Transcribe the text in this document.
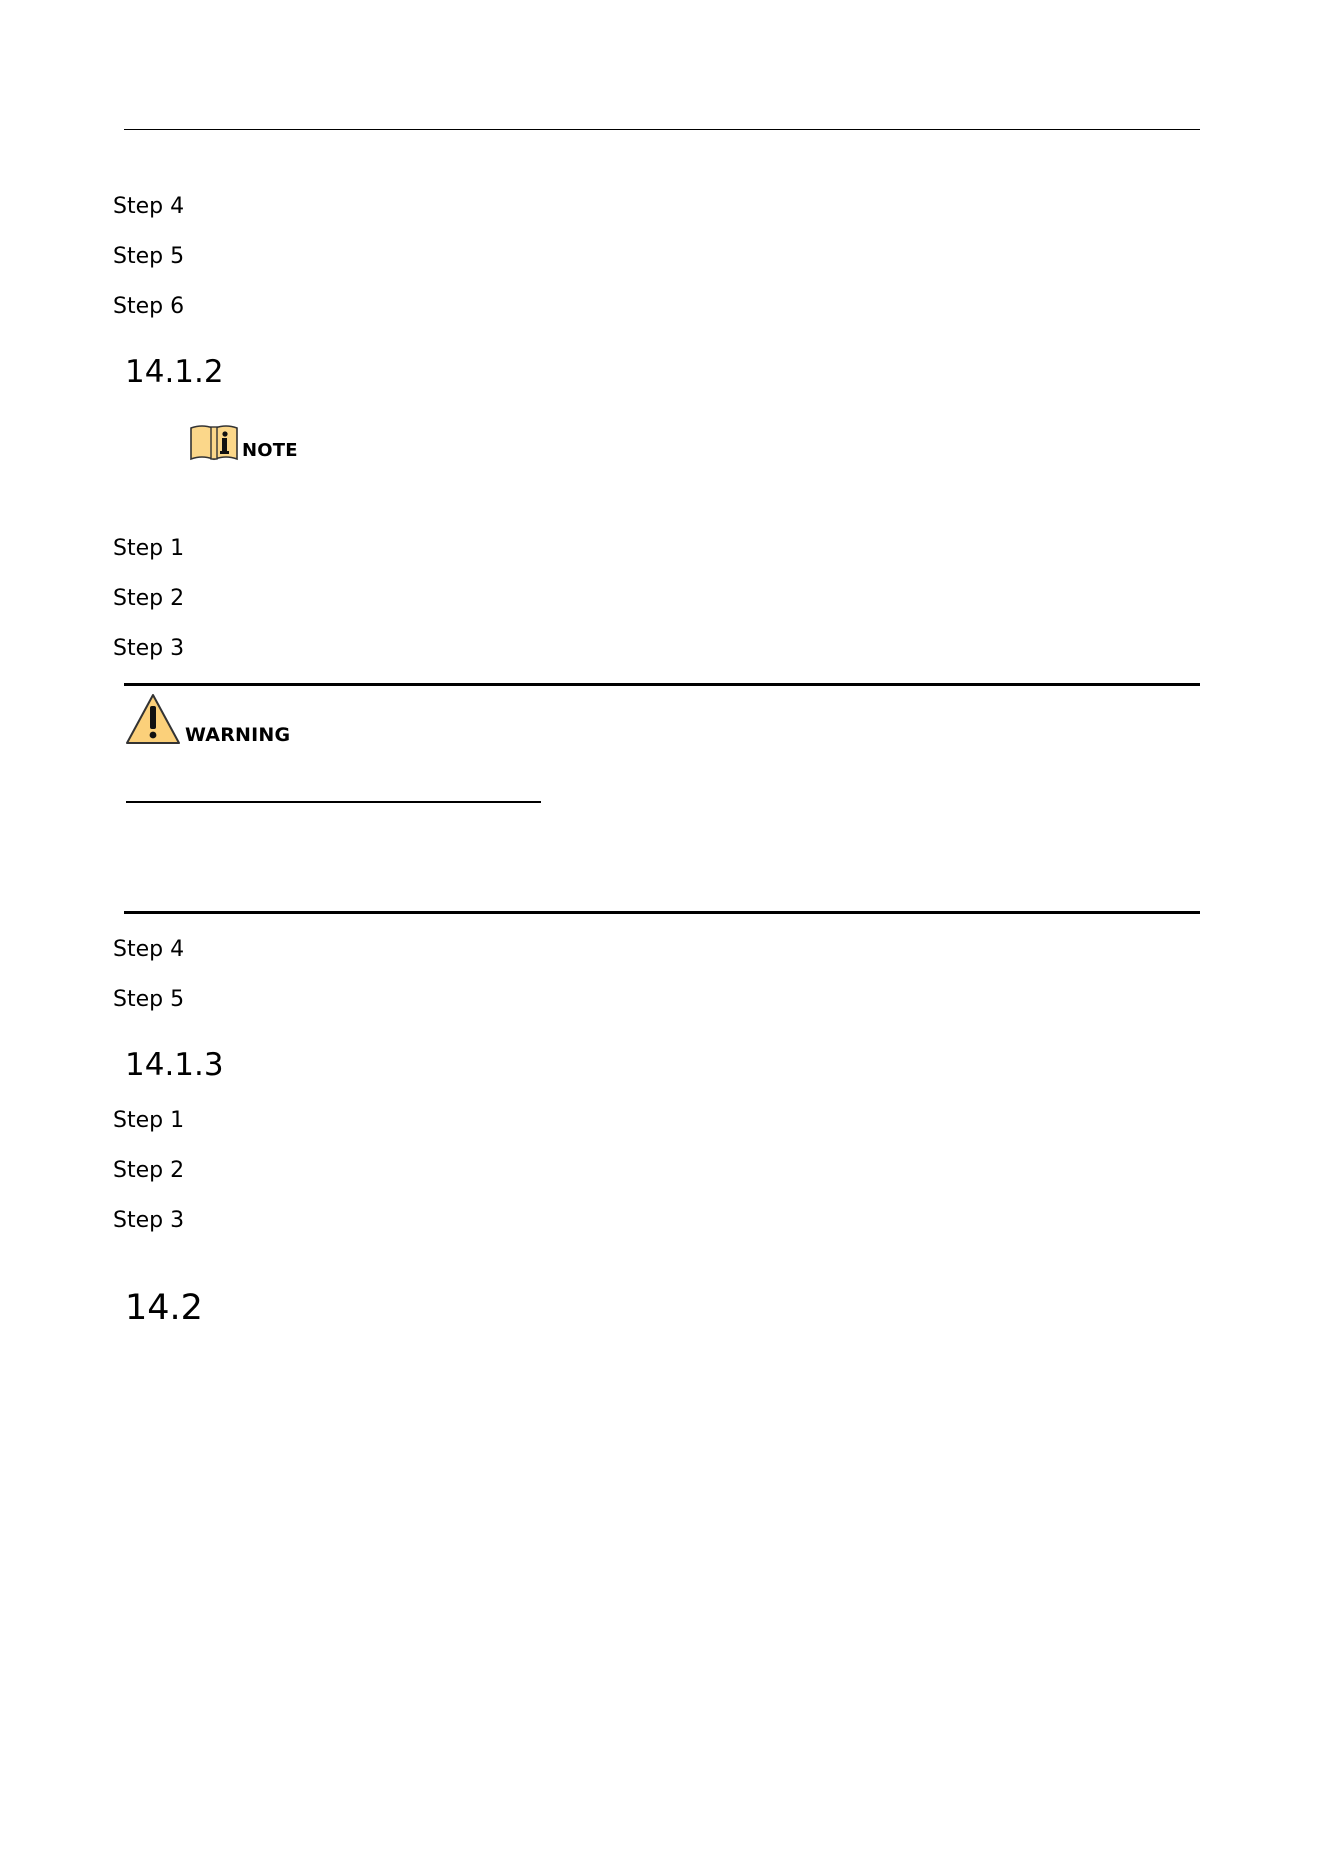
Step 4
Step 5
Step 6
14.1.2
NOTE
Step 1
Step 2
Step 3
WARNING
Step 4
Step 5
14.1.3
Step 1
Step 2
Step 3
14.2
